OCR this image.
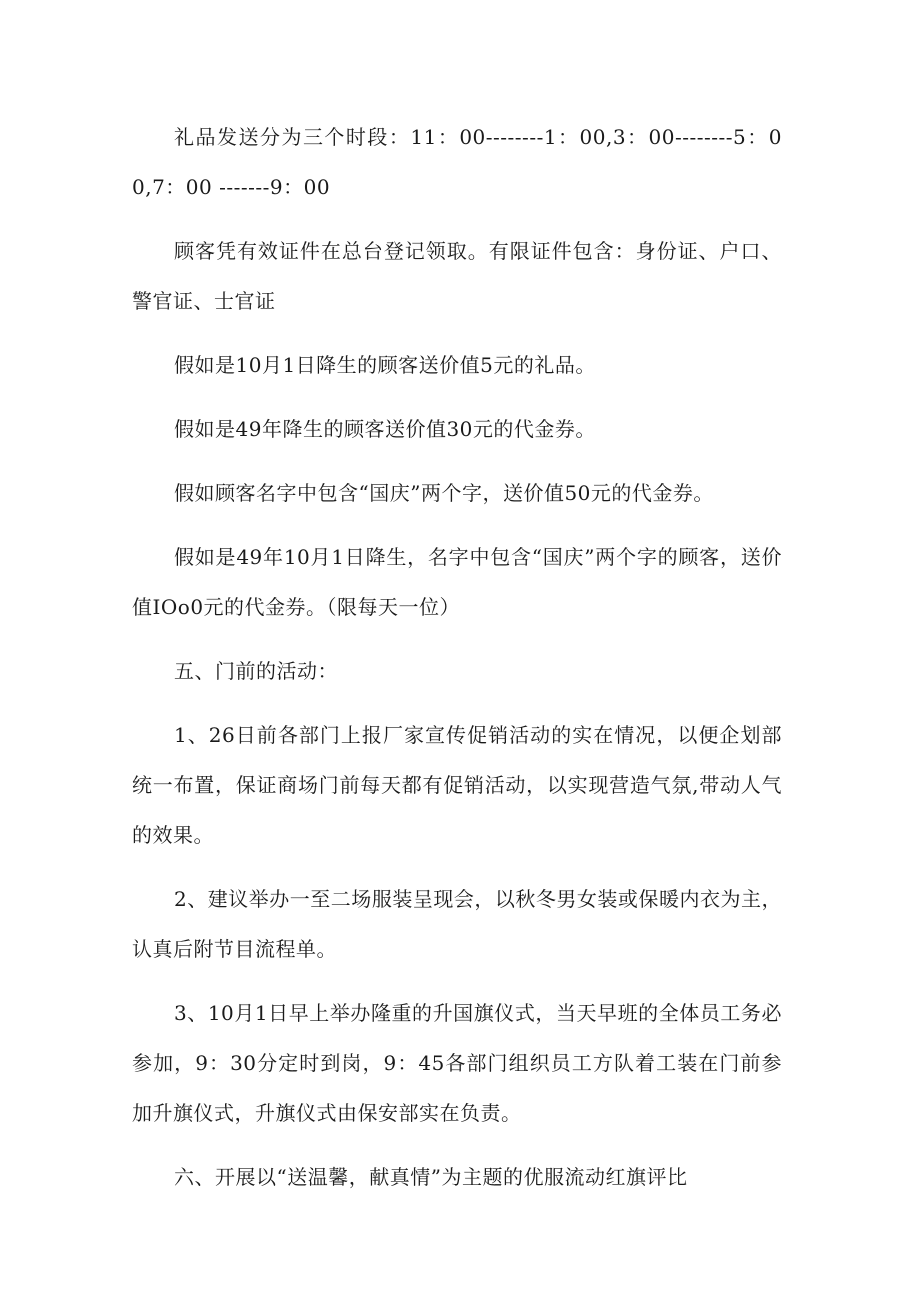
礼品发送分为三个时段：11：00--------1：00,3：00--------5：00,7：00 -------9：00

顾客凭有效证件在总台登记领取。有限证件包含：身份证、户口、警官证、士官证

假如是10月1日降生的顾客送价值5元的礼品。

假如是49年降生的顾客送价值30元的代金券。

假如顾客名字中包含“国庆”两个字，送价值50元的代金券。

假如是49年10月1日降生，名字中包含“国庆”两个字的顾客，送价值IOo0元的代金券。（限每天一位）

五、门前的活动：

1、26日前各部门上报厂家宣传促销活动的实在情况，以便企划部统一布置，保证商场门前每天都有促销活动，以实现营造气氛,带动人气的效果。

2、建议举办一至二场服装呈现会，以秋冬男女装或保暖内衣为主，认真后附节目流程单。

3、10月1日早上举办隆重的升国旗仪式，当天早班的全体员工务必参加，9：30分定时到岗，9：45各部门组织员工方队着工装在门前参加升旗仪式，升旗仪式由保安部实在负责。

六、开展以“送温馨，献真情”为主题的优服流动红旗评比
